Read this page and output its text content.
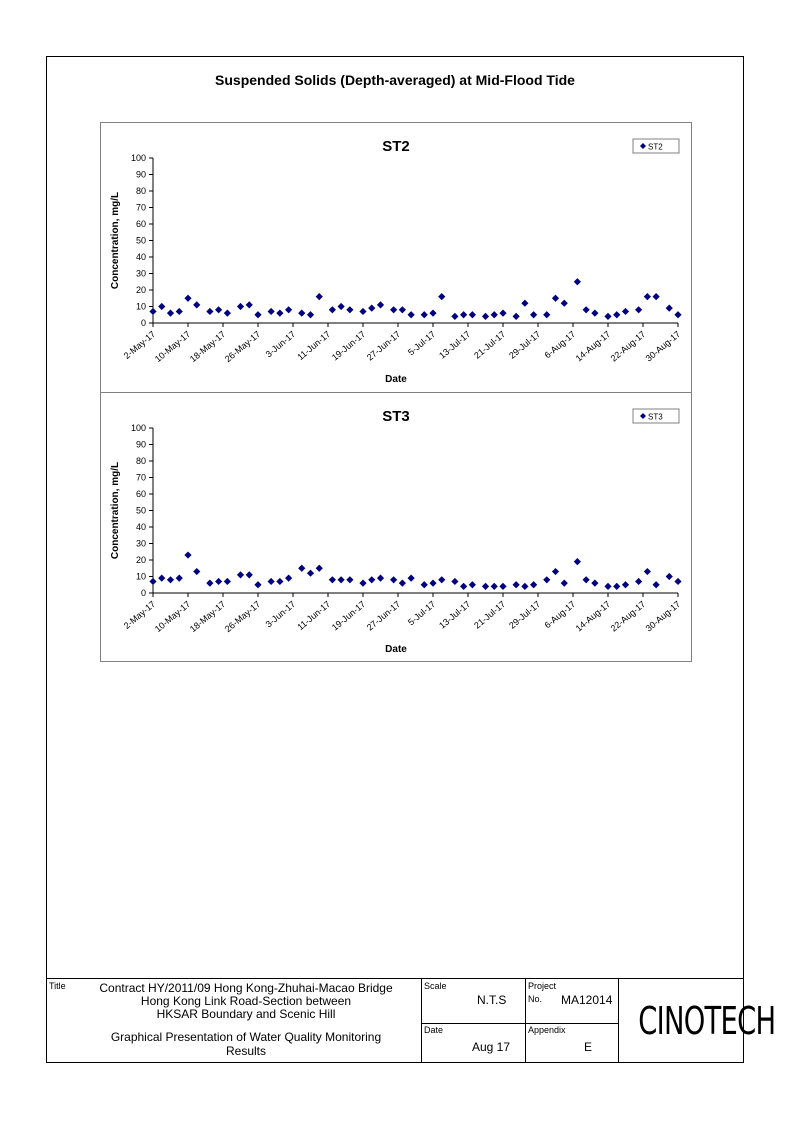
Suspended Solids (Depth-averaged) at Mid-Flood Tide
ST2
0
10
20
30
40
50
60
70
80
90
100
2-May-17
10-May-17
18-May-17
26-May-17 3-Jun-17
11-Jun-17
19-Jun-17
27-Jun-17 5-Jul-17 13-Jul-17 21-Jul-17 29-Jul-17 6-Aug-17
14-Aug-17
22-Aug-17
30-Aug-17
Date
Concentration, mg/L
ST2
ST3
0
10
20
30
40
50
60
70
80
90
100
2-May-17
10-May-17
18-May-17
26-May-17 3-Jun-17
11-Jun-17
19-Jun-17
27-Jun-17 5-Jul-17 13-Jul-17 21-Jul-17 29-Jul-17 6-Aug-17
14-Aug-17
22-Aug-17
30-Aug-17
Date
Concentration, mg/L
ST3
Title	Contract HY/2011/09 Hong Kong-Zhuhai-Macao Bridge
Hong Kong Link Road-Section between
HKSAR Boundary and Scenic Hill
Graphical Presentation of Water Quality Monitoring
Results
Scale
N.T.S
Date
Aug 17
Project
No. MA12014
Appendix
E
CINOTECH
